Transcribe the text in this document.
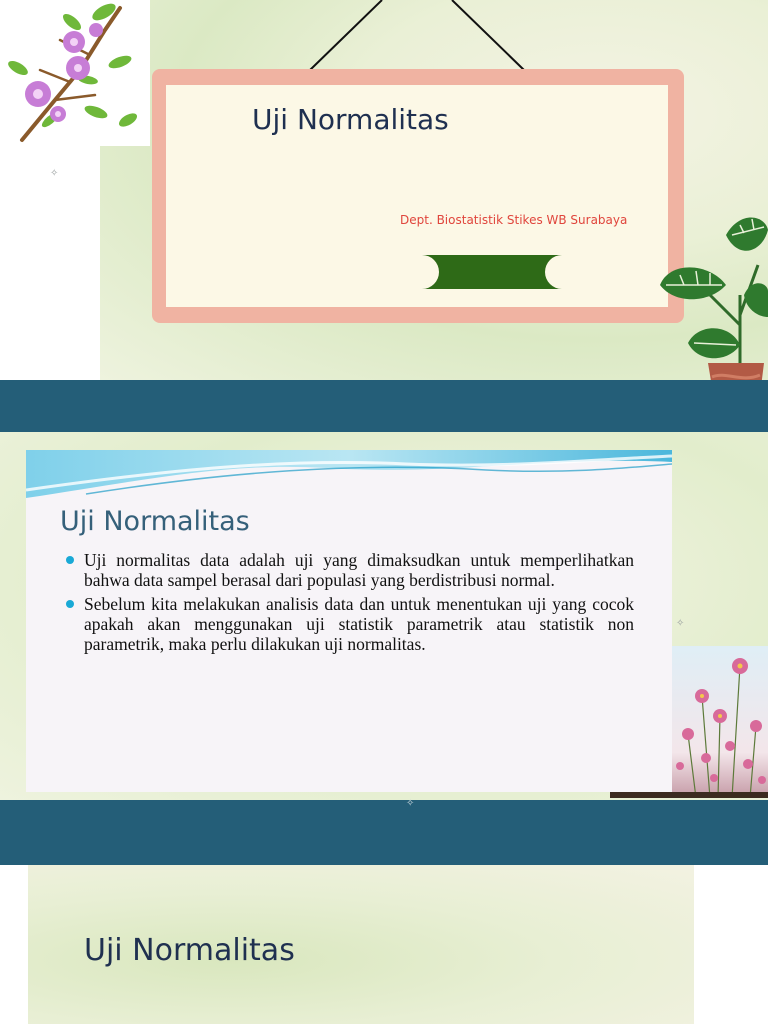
Uji Normalitas
Dept. Biostatistik Stikes WB Surabaya
✧
Uji Normalitas
Uji normalitas data adalah uji yang dimaksudkan untuk memperlihatkan bahwa data sampel berasal dari populasi yang berdistribusi normal.
Sebelum kita melakukan analisis data dan untuk menentukan uji yang cocok apakah akan menggunakan uji statistik parametrik atau statistik non parametrik, maka perlu dilakukan uji normalitas.
✧
✧
Uji Normalitas
